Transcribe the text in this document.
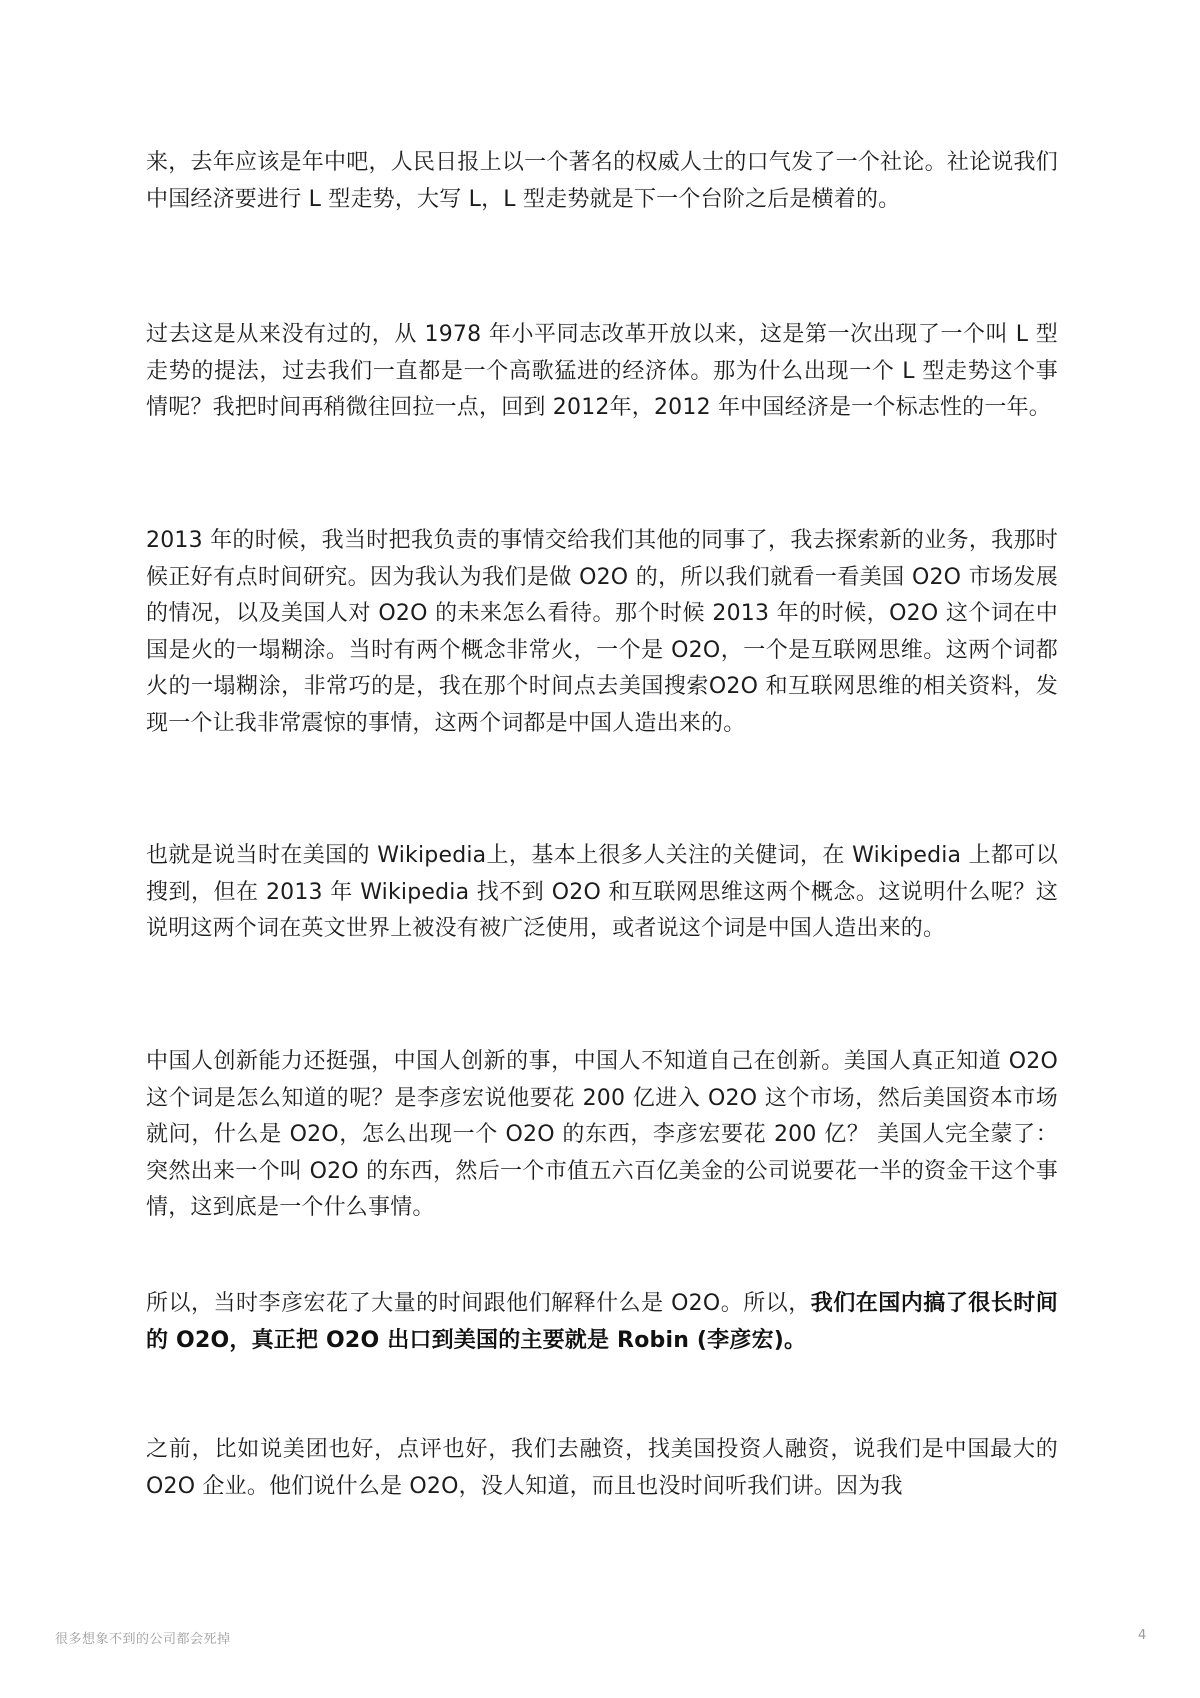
来，去年应该是年中吧，人民日报上以一个著名的权威人士的口气发了一个社论。社论说我们中国经济要进行 L 型走势，大写 L，L 型走势就是下一个台阶之后是横着的。

过去这是从来没有过的，从 1978 年小平同志改革开放以来，这是第一次出现了一个叫 L 型走势的提法，过去我们一直都是一个高歌猛进的经济体。那为什么出现一个 L 型走势这个事情呢？我把时间再稍微往回拉一点，回到 2012年，2012 年中国经济是一个标志性的一年。

2013 年的时候，我当时把我负责的事情交给我们其他的同事了，我去探索新的业务，我那时候正好有点时间研究。因为我认为我们是做 O2O 的，所以我们就看一看美国 O2O 市场发展的情况，以及美国人对 O2O 的未来怎么看待。那个时候 2013 年的时候，O2O 这个词在中国是火的一塌糊涂。当时有两个概念非常火，一个是 O2O，一个是互联网思维。这两个词都火的一塌糊涂，非常巧的是，我在那个时间点去美国搜索O2O 和互联网思维的相关资料，发现一个让我非常震惊的事情，这两个词都是中国人造出来的。

也就是说当时在美国的 Wikipedia上，基本上很多人关注的关健词，在 Wikipedia 上都可以搜到，但在 2013 年 Wikipedia 找不到 O2O 和互联网思维这两个概念。这说明什么呢？这说明这两个词在英文世界上被没有被广泛使用，或者说这个词是中国人造出来的。

中国人创新能力还挺强，中国人创新的事，中国人不知道自己在创新。美国人真正知道 O2O 这个词是怎么知道的呢？是李彦宏说他要花 200 亿进入 O2O 这个市场，然后美国资本市场就问，什么是 O2O，怎么出现一个 O2O 的东西，李彦宏要花 200 亿？ 美国人完全蒙了：突然出来一个叫 O2O 的东西，然后一个市值五六百亿美金的公司说要花一半的资金干这个事情，这到底是一个什么事情。

所以，当时李彦宏花了大量的时间跟他们解释什么是 O2O。所以，我们在国内搞了很长时间的 O2O，真正把 O2O 出口到美国的主要就是 Robin (李彦宏)。

之前，比如说美团也好，点评也好，我们去融资，找美国投资人融资，说我们是中国最大的 O2O 企业。他们说什么是 O2O，没人知道，而且也没时间听我们讲。因为我

很多想象不到的公司都会死掉	4
